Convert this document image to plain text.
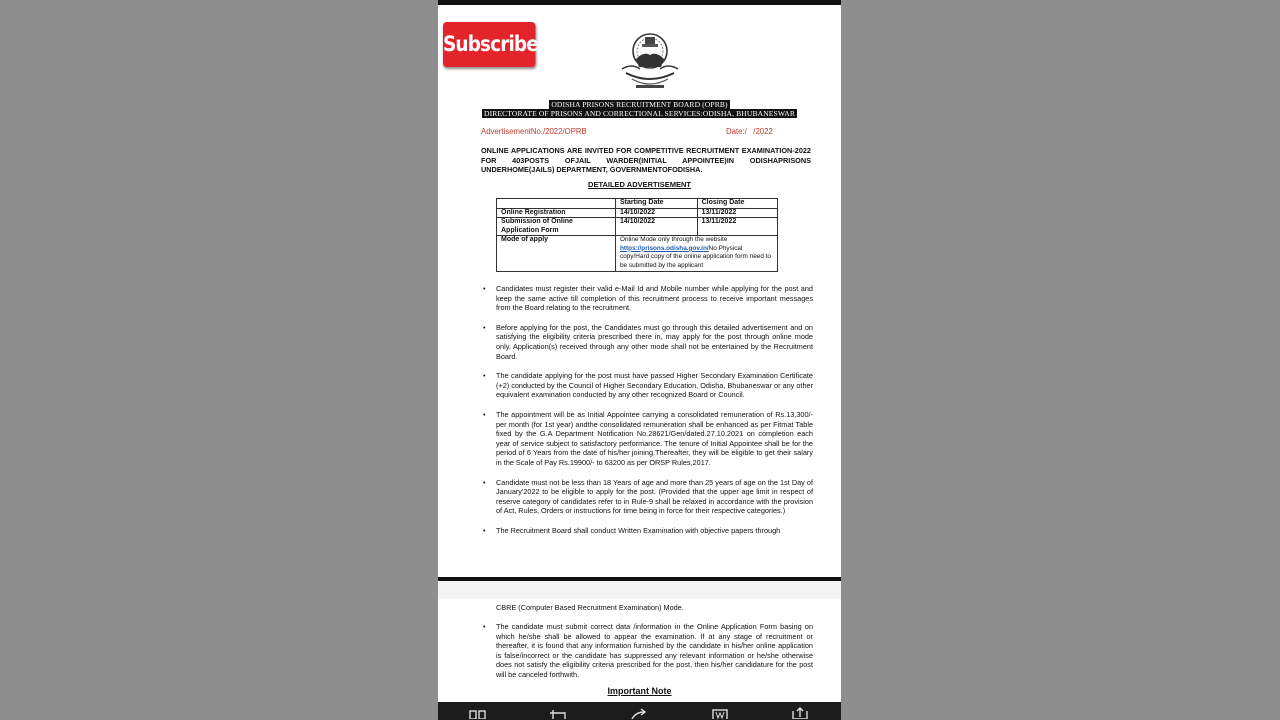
Subscribe
ODISHA PRISONS RECRUITMENT BOARD (OPRB)
DIRECTORATE OF PRISONS AND CORRECTIONAL SERVICES:ODISHA, BHUBANESWAR
AdvertisementNo./2022/OPRB	Date:/   /2022
ONLINE APPLICATIONS ARE INVITED FOR COMPETITIVE RECRUITMENT EXAMINATION-2022 FOR 403POSTS OFJAIL WARDER(INITIAL APPOINTEE)IN ODISHAPRISONS UNDERHOME(JAILS) DEPARTMENT, GOVERNMENTOFODISHA.
DETAILED ADVERTISEMENT
	Starting Date	Closing Date
Online Registration	14/10/2022	13/11/2022
Submission of Online Application Form	14/10/2022	13/11/2022
Mode of apply	Online Mode only through the website
https://prisons.odisha.gov.in/No Physical copy/Hard copy of the online application form need to be submitted by the applicant	
• Candidates must register their valid e-Mail Id and Mobile number while applying for the post and keep the same active till completion of this recruitment process to receive important messages from the Board relating to the recruitment.
• Before applying for the post, the Candidates must go through this detailed advertisement and on satisfying the eligibility criteria prescribed there in, may apply for the post through online mode only. Application(s) received through any other mode shall not be entertained by the Recruitment Board.
• The candidate applying for the post must have passed Higher Secondary Examination Certificate (+2) conducted by the Council of Higher Secondary Education, Odisha, Bhubaneswar or any other equivalent examination conducted by any other recognized Board or Council.
• The appointment will be as Initial Appointee carrying a consolidated remuneration of Rs.13,300/- per month (for 1st year) andthe consolidated remuneration shall be enhanced as per Fitmat Table fixed by the G.A Department Notification No.28621/Gen/dated.27.10.2021 on completion each year of service subject to satisfactory performance. The tenure of Initial Appointee shall be for the period of 6 Years from the date of his/her joining.Thereafter, they will be eligible to get their salary in the Scale of Pay Rs.19900/- to 63200 as per ORSP Rules,2017.
• Candidate must not be less than 18 Years of age and more than 25 years of age on the 1st Day of January'2022 to be eligible to apply for the post. (Provided that the upper age limit in respect of reserve category of candidates refer to in Rule-9 shall be relaxed in accordance with the provision of Act, Rules, Orders or instructions for time being in force for their respective categories.)
• The Recruitment Board shall conduct Written Examination with objective papers through
CBRE (Computer Based Recruitment Examination) Mode.
• The candidate must submit correct data /information in the Online Application Form basing on which he/she shall be allowed to appear the examination. If at any stage of recruitment or thereafter, it is found that any information furnished by the candidate in his/her online application is false/incorrect or the candidate has suppressed any relevant information or he/she otherwise does not satisfy the eligibility criteria prescribed for the post, then his/her candidature for the post will be canceled forthwith.
Important Note
